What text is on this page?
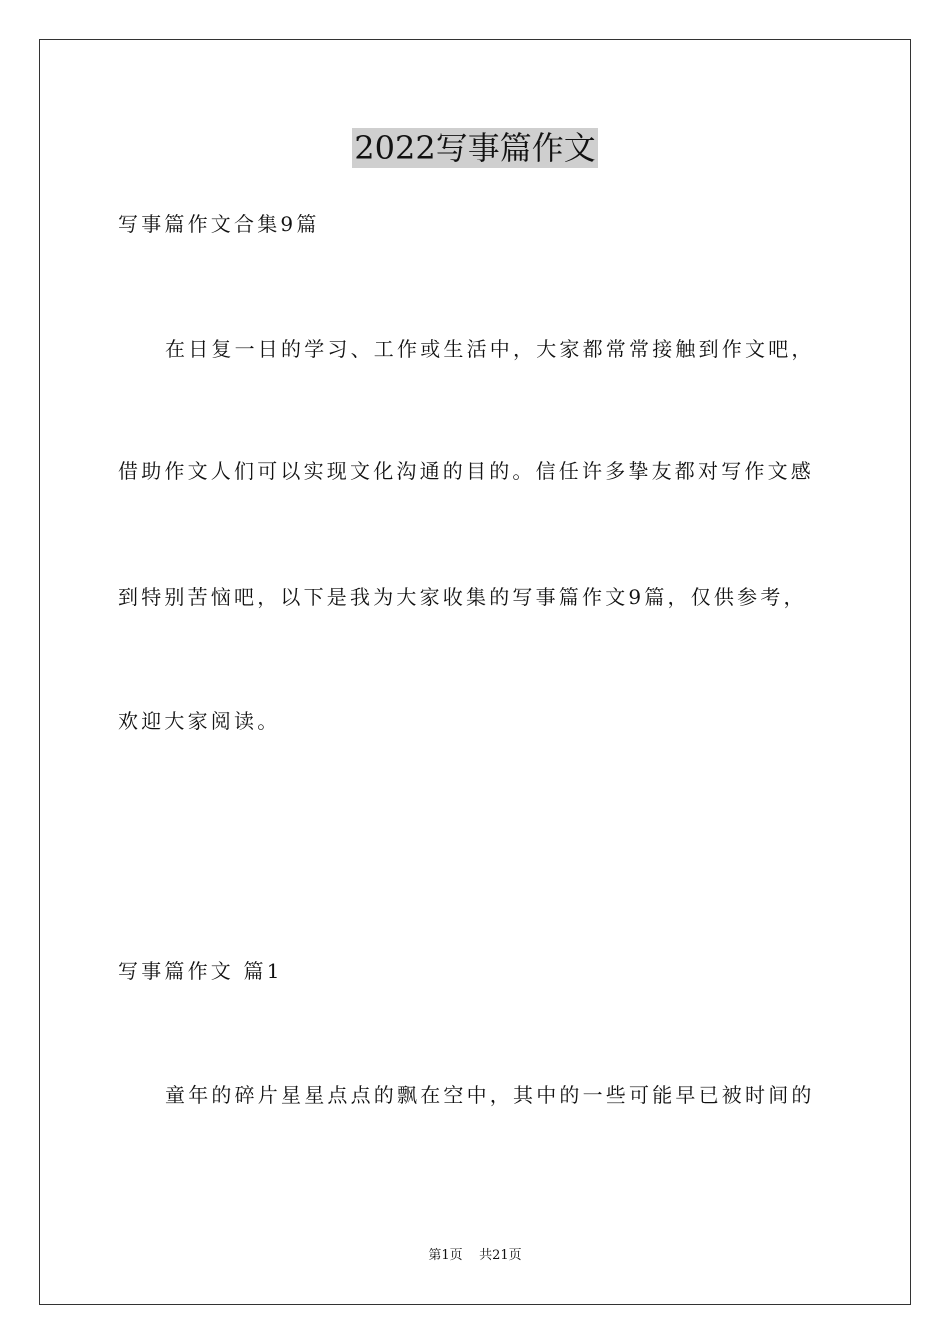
2022写事篇作文
写事篇作文合集9篇
在日复一日的学习、工作或生活中，大家都常常接触到作文吧，
借助作文人们可以实现文化沟通的目的。信任许多挚友都对写作文感
到特别苦恼吧，以下是我为大家收集的写事篇作文9篇，仅供参考，
欢迎大家阅读。
写事篇作文 篇1
童年的碎片星星点点的飘在空中，其中的一些可能早已被时间的
第1页    共21页
